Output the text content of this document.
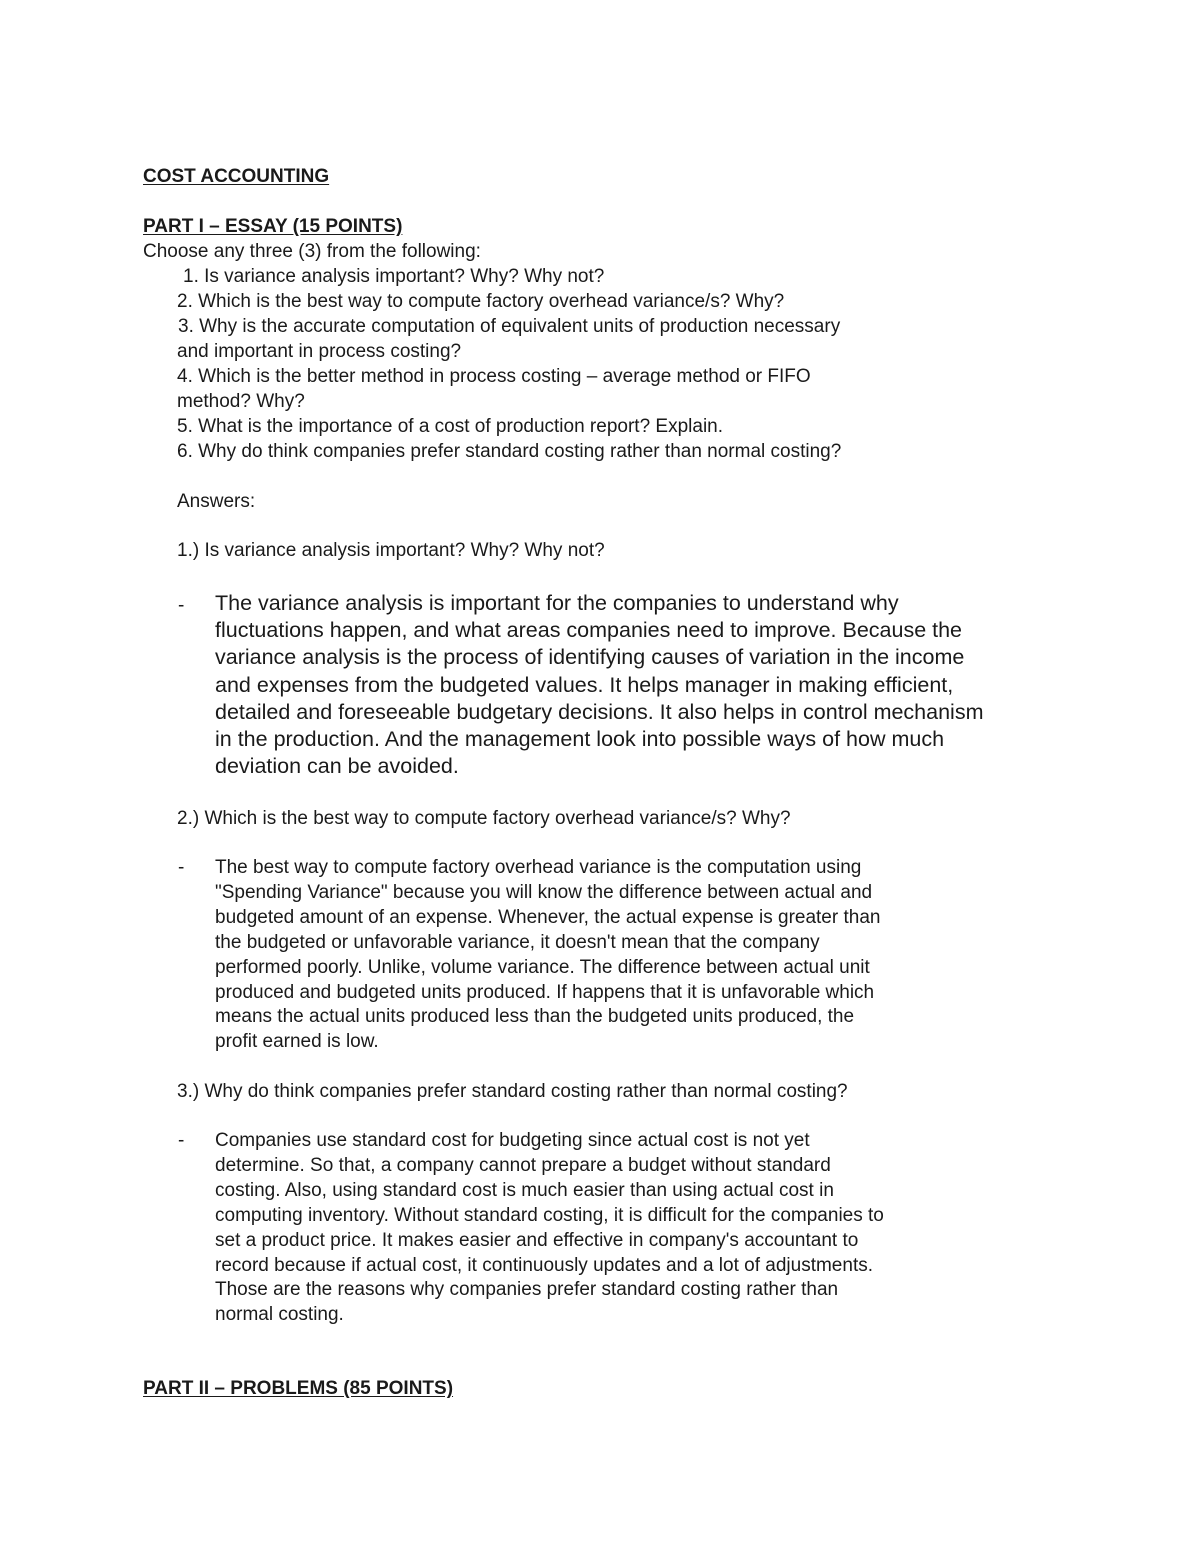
COST ACCOUNTING
PART I – ESSAY (15 POINTS)
Choose any three (3) from the following:
1. Is variance analysis important? Why? Why not?
2. Which is the best way to compute factory overhead variance/s? Why?
3. Why is the accurate computation of equivalent units of production necessary
and important in process costing?
4. Which is the better method in process costing – average method or FIFO
method? Why?
5. What is the importance of a cost of production report? Explain.
6. Why do think companies prefer standard costing rather than normal costing?
Answers:
1.) Is variance analysis important? Why? Why not?
- The variance analysis is important for the companies to understand why
fluctuations happen, and what areas companies need to improve. Because the
variance analysis is the process of identifying causes of variation in the income
and expenses from the budgeted values. It helps manager in making efficient,
detailed and foreseeable budgetary decisions. It also helps in control mechanism
in the production. And the management look into possible ways of how much
deviation can be avoided.
2.) Which is the best way to compute factory overhead variance/s? Why?
- The best way to compute factory overhead variance is the computation using
"Spending Variance" because you will know the difference between actual and
budgeted amount of an expense. Whenever, the actual expense is greater than
the budgeted or unfavorable variance, it doesn't mean that the company
performed poorly. Unlike, volume variance. The difference between actual unit
produced and budgeted units produced. If happens that it is unfavorable which
means the actual units produced less than the budgeted units produced, the
profit earned is low.
3.) Why do think companies prefer standard costing rather than normal costing?
- Companies use standard cost for budgeting since actual cost is not yet
determine. So that, a company cannot prepare a budget without standard
costing. Also, using standard cost is much easier than using actual cost in
computing inventory. Without standard costing, it is difficult for the companies to
set a product price. It makes easier and effective in company's accountant to
record because if actual cost, it continuously updates and a lot of adjustments.
Those are the reasons why companies prefer standard costing rather than
normal costing.
PART II – PROBLEMS (85 POINTS)
